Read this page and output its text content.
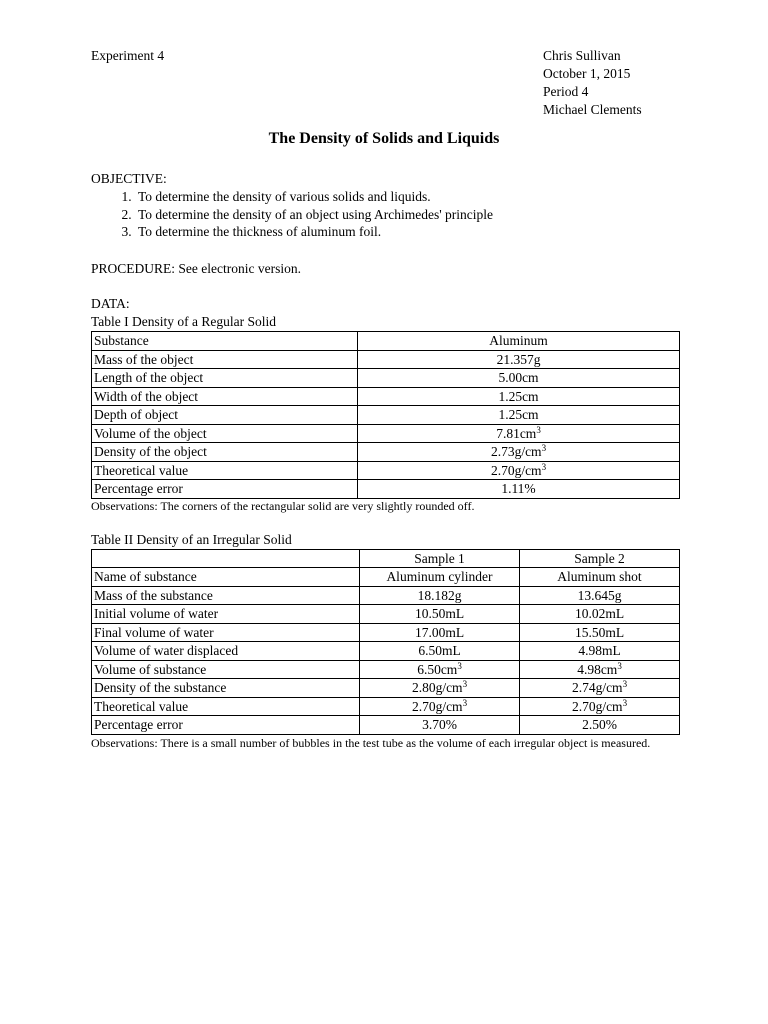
Experiment 4	Chris Sullivan
October 1, 2015
Period 4
Michael Clements
The Density of Solids and Liquids
OBJECTIVE:
1. To determine the density of various solids and liquids.
2. To determine the density of an object using Archimedes' principle
3. To determine the thickness of aluminum foil.
PROCEDURE: See electronic version.
DATA:
Table I Density of a Regular Solid
Substance	Aluminum
Mass of the object	21.357g
Length of the object	5.00cm
Width of the object	1.25cm
Depth of object	1.25cm
Volume of the object	$7.81cm^3$
Density of the object	$2.73g/cm^3$
Theoretical value	$2.70g/cm^3$
Percentage error	1.11%
Observations: The corners of the rectangular solid are very slightly rounded off.
Table II Density of an Irregular Solid
	Sample 1	Sample 2
Name of substance	Aluminum cylinder	Aluminum shot
Mass of the substance	18.182g	13.645g
Initial volume of water	10.50mL	10.02mL
Final volume of water	17.00mL	15.50mL
Volume of water displaced	6.50mL	4.98mL
Volume of substance	$6.50cm^3$	$4.98cm^3$
Density of the substance	$2.80g/cm^3$	$2.74g/cm^3$
Theoretical value	$2.70g/cm^3$	$2.70g/cm^3$
Percentage error	3.70%	2.50%
Observations: There is a small number of bubbles in the test tube as the volume of each irregular object is measured.
